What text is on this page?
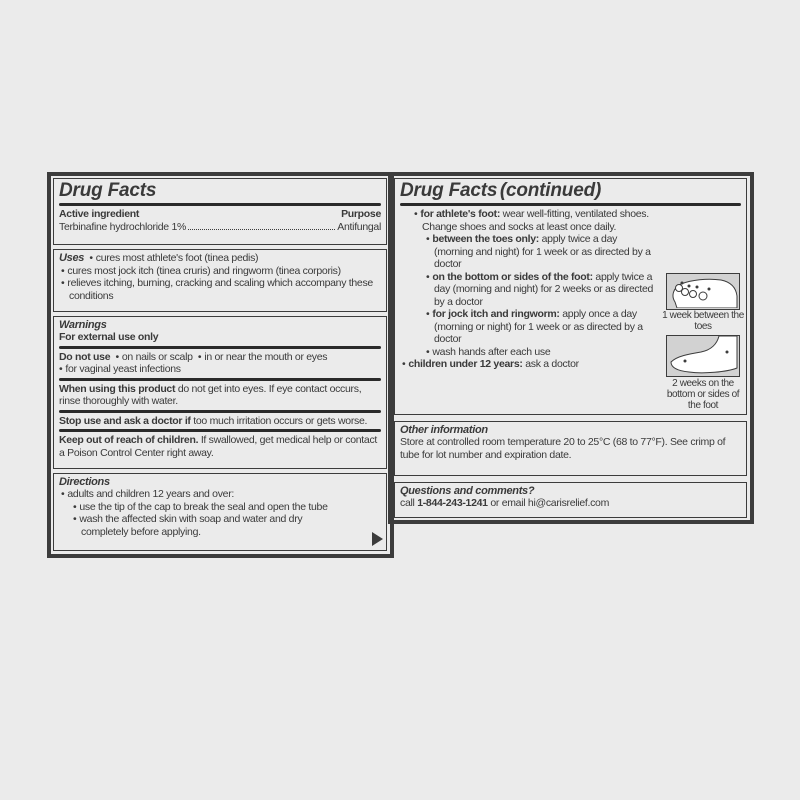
Drug Facts
Active ingredient	Purpose
Terbinafine hydrochloride 1%	Antifungal
Uses • cures most athlete's foot (tinea pedis)
• cures most jock itch (tinea cruris) and ringworm (tinea corporis)
• relieves itching, burning, cracking and scaling which accompany these conditions
Warnings
For external use only
Do not use • on nails or scalp • in or near the mouth or eyes
• for vaginal yeast infections
When using this product do not get into eyes. If eye contact occurs, rinse thoroughly with water.
Stop use and ask a doctor if too much irritation occurs or gets worse.
Keep out of reach of children. If swallowed, get medical help or contact a Poison Control Center right away.
Directions
• adults and children 12 years and over:
• use the tip of the cap to break the seal and open the tube
• wash the affected skin with soap and water and dry completely before applying.
Drug Facts (continued)
• for athlete's foot: wear well-fitting, ventilated shoes. Change shoes and socks at least once daily.
• between the toes only: apply twice a day (morning and night) for 1 week or as directed by a doctor
• on the bottom or sides of the foot: apply twice a day (morning and night) for 2 weeks or as directed by a doctor
• for jock itch and ringworm: apply once a day (morning or night) for 1 week or as directed by a doctor
• wash hands after each use
• children under 12 years: ask a doctor
1 week between the toes
2 weeks on the bottom or sides of the foot
Other information
Store at controlled room temperature 20 to 25°C (68 to 77°F). See crimp of tube for lot number and expiration date.
Questions and comments?
call 1-844-243-1241 or email hi@carisrelief.com
